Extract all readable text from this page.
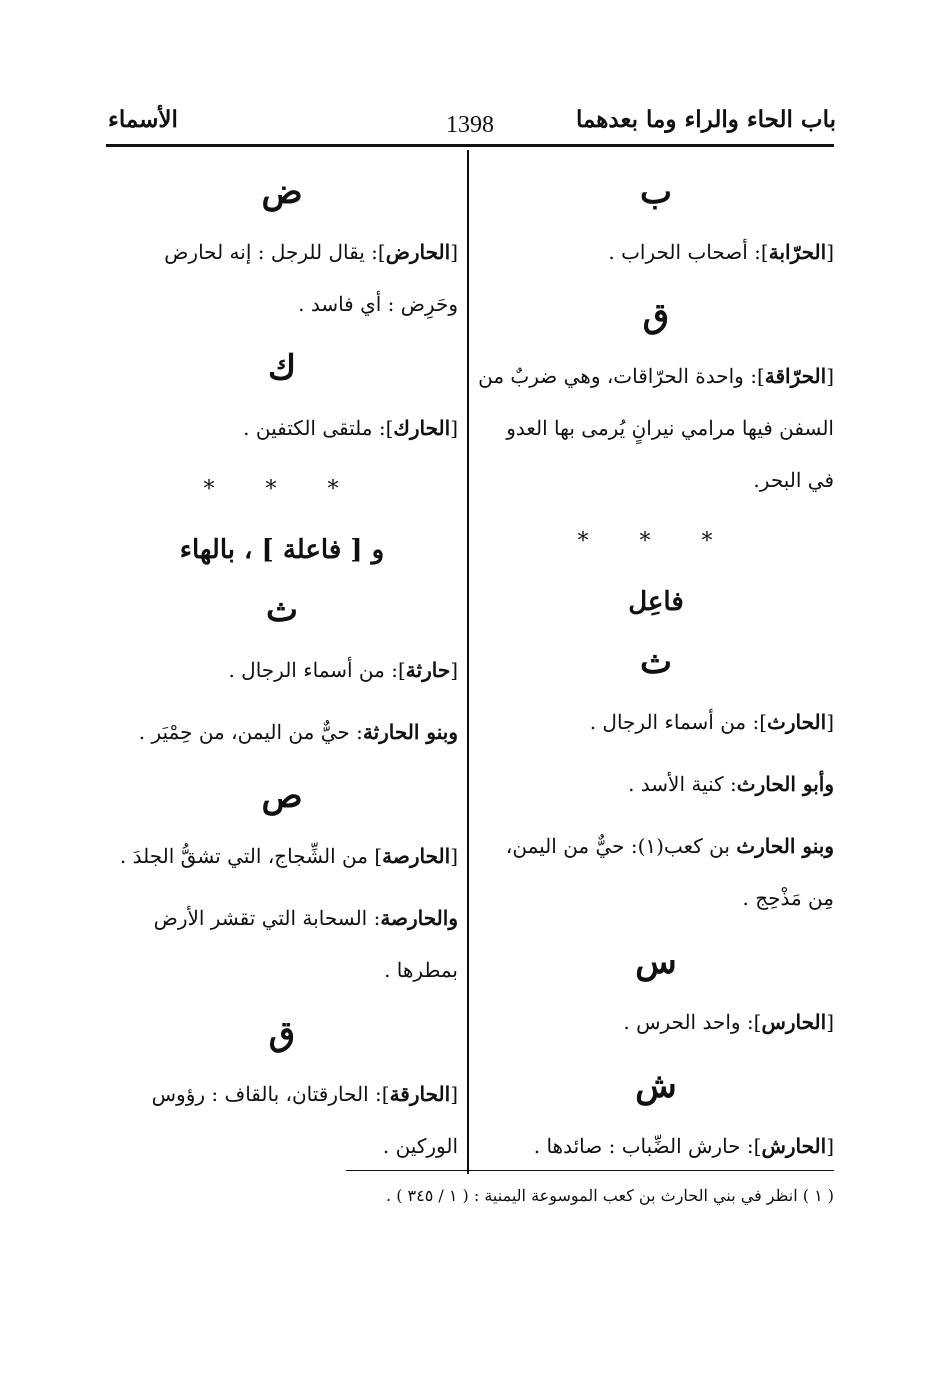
باب الحاء والراء وما بعدهما
1398
الأسماء
ب
[الحرّابة]: أصحاب الحراب .
ق
[الحرّاقة]: واحدة الحرّاقات، وهي ضربٌ من السفن فيها مرامي نيرانٍ يُرمى بها العدو في البحر.
* * *
فاعِل
ث
[الحارث]: من أسماء الرجال .
وأبو الحارث: كنية الأسد .
وبنو الحارث بن كعب(١): حيٌّ من اليمن، مِن مَذْحِج .
س
[الحارس]: واحد الحرس .
ش
[الحارش]: حارش الضِّباب : صائدها .
ض
[الحارض]: يقال للرجل : إنه لحارض وحَرِض : أي فاسد .
ك
[الحارك]: ملتقى الكتفين .
* * *
و [ فاعلة ] ، بالهاء
ث
[حارثة]: من أسماء الرجال .
وبنو الحارثة: حيٌّ من اليمن، من حِمْيَر .
ص
[الحارصة] من الشِّجاج، التي تشقُّ الجلدَ .
والحارصة: السحابة التي تقشر الأرض بمطرها .
ق
[الحارقة]: الحارقتان، بالقاف : رؤوس الوركين .
( ١ ) انظر في بني الحارث بن كعب الموسوعة اليمنية : ( ١ / ٣٤٥ ) .
